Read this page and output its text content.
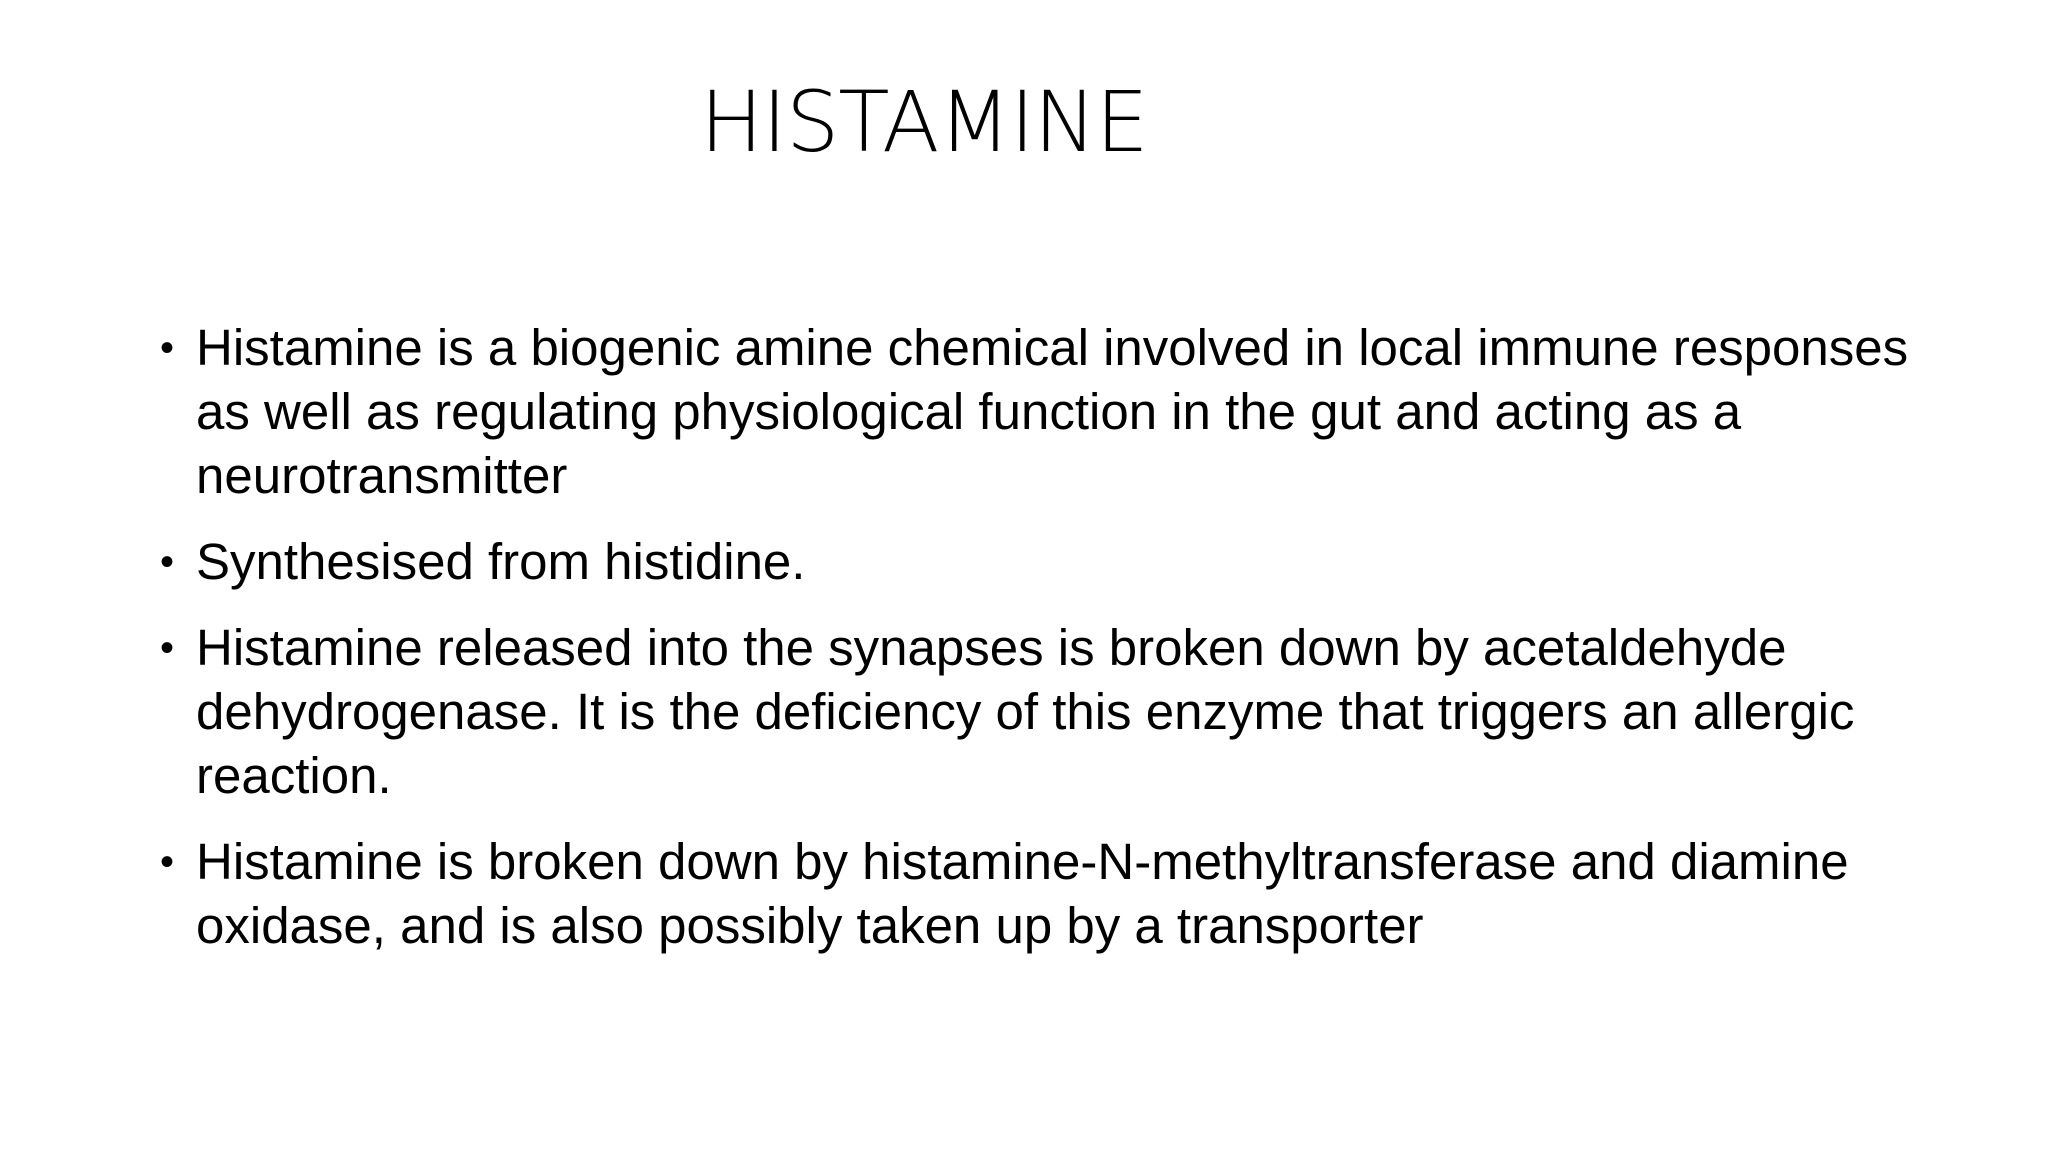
HISTAMINE
• Histamine is a biogenic amine chemical involved in local immune responses as well as regulating physiological function in the gut and acting as a neurotransmitter
• Synthesised from histidine.
• Histamine released into the synapses is broken down by acetaldehyde dehydrogenase. It is the deficiency of this enzyme that triggers an allergic reaction.
• Histamine is broken down by histamine-N-methyltransferase and diamine oxidase, and is also possibly taken up by a transporter
